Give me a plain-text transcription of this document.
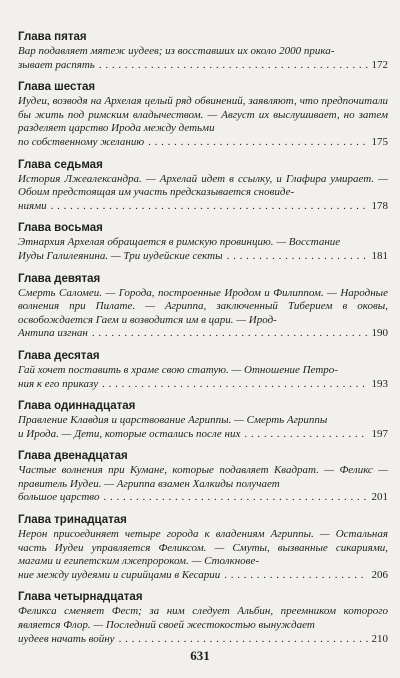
Глава пятая
Вар подавляет мятеж иудеев; из восставших их около 2000 прика-
зывает распять . . .	172
Глава шестая
Иудеи, возводя на Архелая целый ряд обвинений, заявляют, что предпочитали бы жить под римским владычеством. — Август их выслушивает, но затем разделяет царство Ирода между детьми
по собственному желанию . . .	175
Глава седьмая
История Лжеалександра. — Архелай идет в ссылку, и Глафира умирает. — Обоим предстоящая им участь предсказывается сновиде-
ниями . . .	178
Глава восьмая
Этнархия Архелая обращается в римскую провинцию. — Восстание
Иуды Галилеянина. — Три иудейские секты . . .	181
Глава девятая
Смерть Саломеи. — Города, построенные Иродом и Филиппом. — Народные волнения при Пилате. — Агриппа, заключенный Тиберием в оковы, освобождается Гаем и возводится им в цари. — Ирод-
Антипа изгнан . . .	190
Глава десятая
Гай хочет поставить в храме свою статую. — Отношение Петро-
ния к его приказу . . .	193
Глава одиннадцатая
Правление Клавдия и царствование Агриппы. — Смерть Агриппы
и Ирода. — Дети, которые остались после них . . .	197
Глава двенадцатая
Частые волнения при Кумане, которые подавляет Квадрат. — Феликс — правитель Иудеи. — Агриппа взамен Халкиды получает
большое царство . . .	201
Глава тринадцатая
Нерон присоединяет четыре города к владениям Агриппы. — Остальная часть Иудеи управляется Феликсом. — Смуты, вызванные сикариями, магами и египетским лжепророком. — Столкнове-
ние между иудеями и сирийцами в Кесарии . . .	206
Глава четырнадцатая
Феликса сменяет Фест; за ним следует Альбин, преемником которого является Флор. — Последний своей жестокостью вынуждает
иудеев начать войну . . .	210
631
